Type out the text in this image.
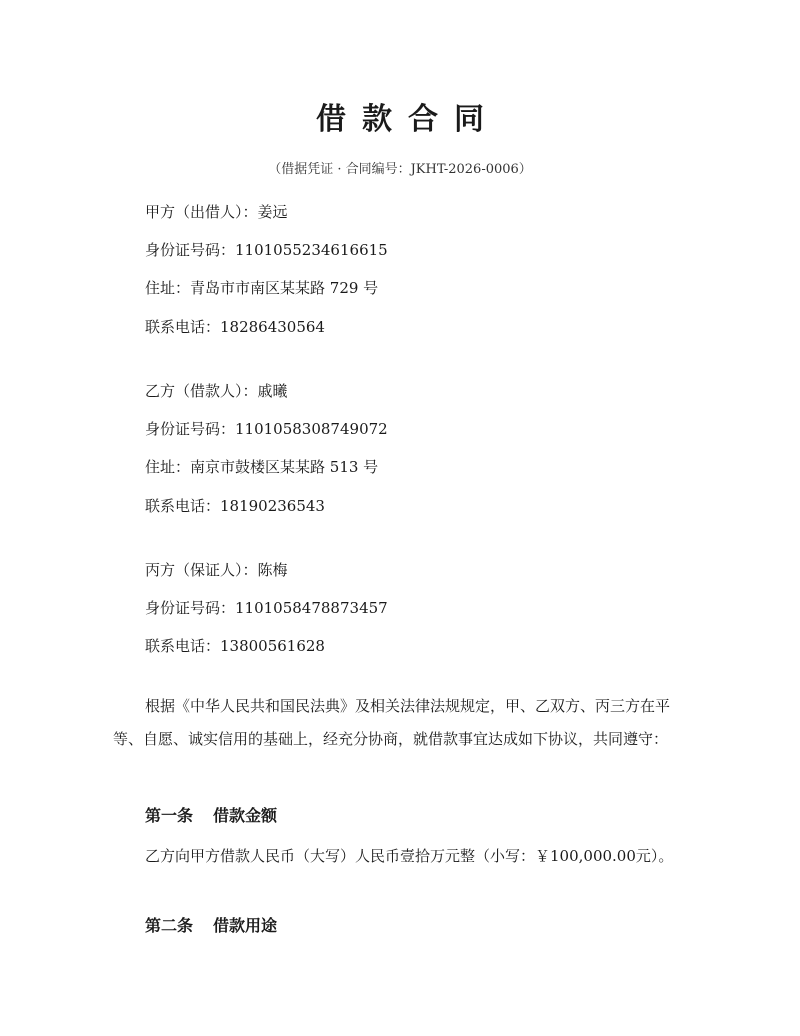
借款合同
（借据凭证 · 合同编号：JKHT-2026-0006）
甲方（出借人）：姜远
身份证号码：1101055234616615
住址：青岛市市南区某某路 729 号
联系电话：18286430564
乙方（借款人）：戚曦
身份证号码：1101058308749072
住址：南京市鼓楼区某某路 513 号
联系电话：18190236543
丙方（保证人）：陈梅
身份证号码：1101058478873457
联系电话：13800561628
根据《中华人民共和国民法典》及相关法律法规规定，甲、乙双方、丙三方在平等、自愿、诚实信用的基础上，经充分协商，就借款事宜达成如下协议，共同遵守：
第一条 借款金额
乙方向甲方借款人民币（大写）人民币壹拾万元整（小写：￥100,000.00元）。
第二条 借款用途
